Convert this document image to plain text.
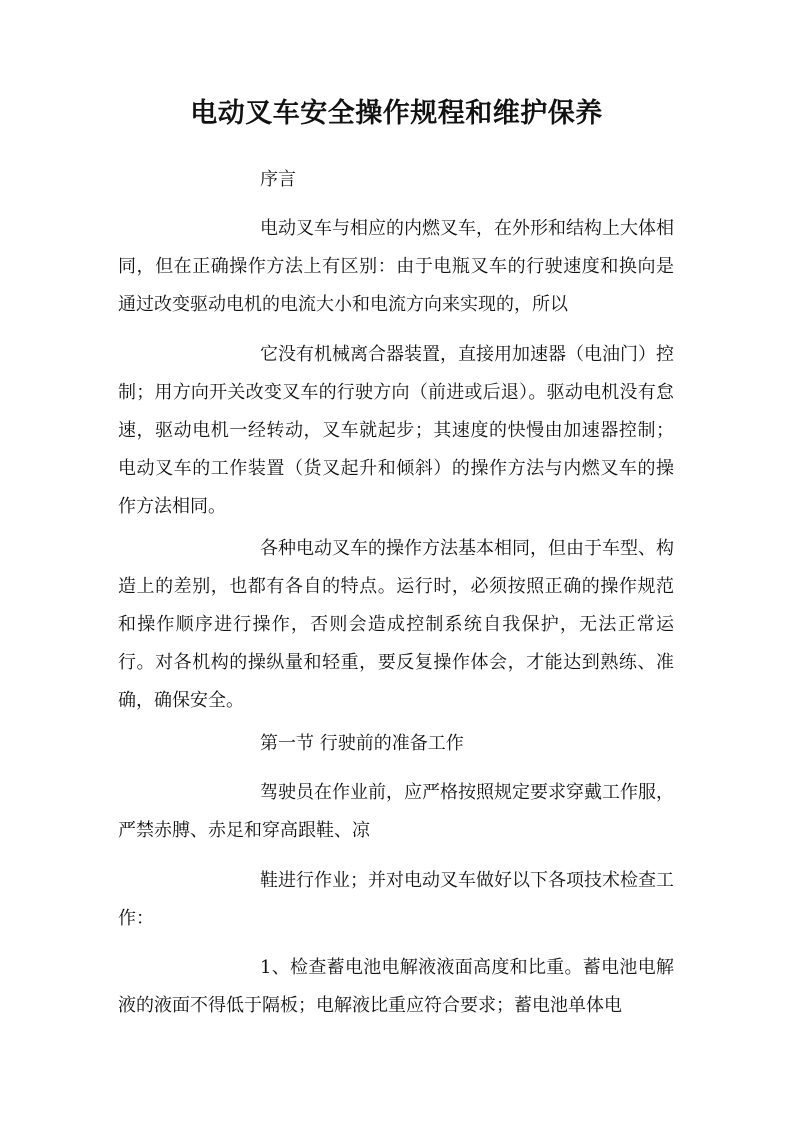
电动叉车安全操作规程和维护保养

序言

电动叉车与相应的内燃叉车，在外形和结构上大体相同，但在正确操作方法上有区别：由于电瓶叉车的行驶速度和换向是通过改变驱动电机的电流大小和电流方向来实现的，所以

它没有机械离合器装置，直接用加速器（电油门）控制；用方向开关改变叉车的行驶方向（前进或后退）。驱动电机没有怠速，驱动电机一经转动，叉车就起步；其速度的快慢由加速器控制；电动叉车的工作装置（货叉起升和倾斜）的操作方法与内燃叉车的操作方法相同。

各种电动叉车的操作方法基本相同，但由于车型、构造上的差别，也都有各自的特点。运行时，必须按照正确的操作规范和操作顺序进行操作，否则会造成控制系统自我保护，无法正常运行。对各机构的操纵量和轻重，要反复操作体会，才能达到熟练、准确，确保安全。

第一节 行驶前的准备工作

驾驶员在作业前，应严格按照规定要求穿戴工作服，严禁赤膊、赤足和穿高跟鞋、凉

鞋进行作业；并对电动叉车做好以下各项技术检查工作：

1、检查蓄电池电解液液面高度和比重。蓄电池电解液的液面不得低于隔板；电解液比重应符合要求；蓄电池单体电
